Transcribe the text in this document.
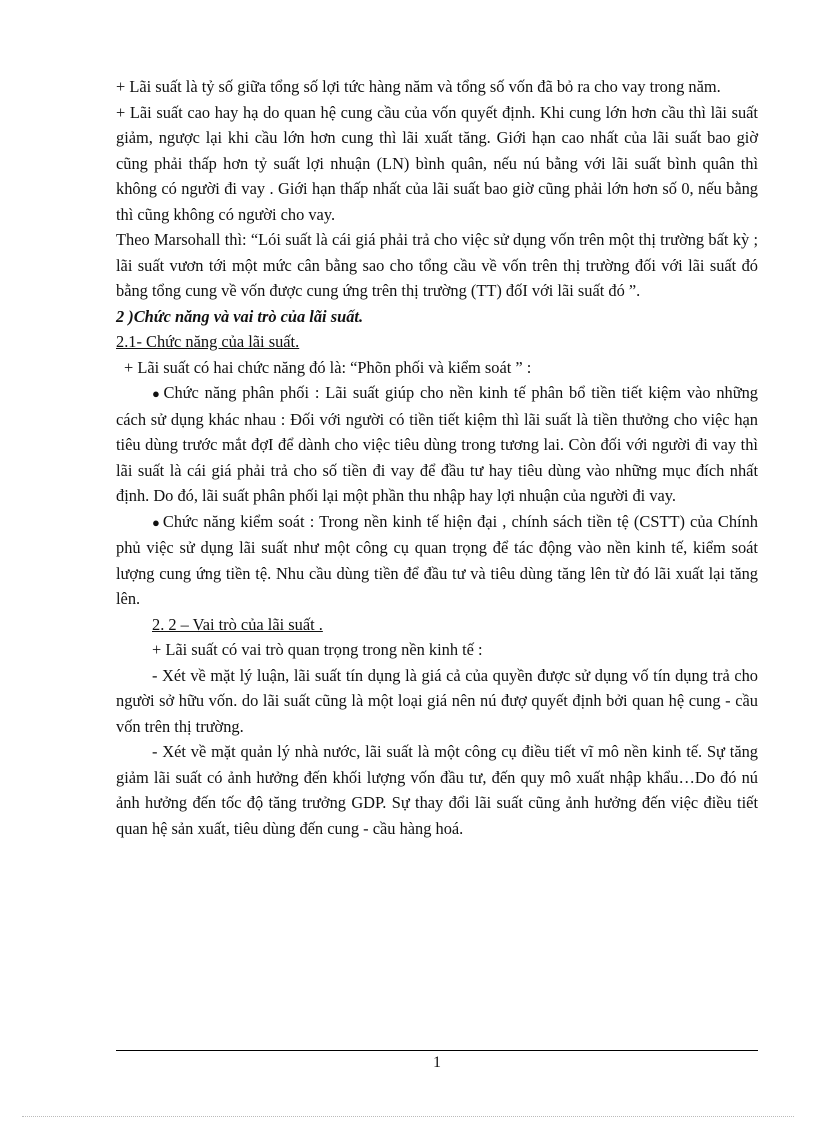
+ Lãi suất là tỷ số giữa tổng số lợi tức hàng năm và tổng số vốn đã bỏ ra cho vay trong năm.

+ Lãi suất cao hay hạ do quan hệ cung cầu của vốn quyết định. Khi cung lớn hơn cầu thì lãi suất giảm, ngược lại khi cầu lớn hơn cung thì lãi xuất tăng. Giới hạn cao nhất của lãi suất bao giờ cũng phải thấp hơn tỷ suất lợi nhuận (LN) bình quân, nếu nú bằng với lãi suất bình quân thì không có người đi vay . Giới hạn thấp nhất của lãi suất bao giờ cũng phải lớn hơn số 0, nếu bằng thì cũng không có người cho vay.

Theo Marsohall thì: “Lói suất là cái giá phải trả cho việc sử dụng vốn trên một thị trường bất kỳ ; lãi suất vươn tới một mức cân bằng sao cho tổng cầu về vốn trên thị trường đối với lãi suất đó bằng tổng cung về vốn được cung ứng trên thị trường (TT) đốI với lãi suất đó ”.

2 )Chức năng và vai trò của lãi suất.

2.1- Chức năng của lãi suất.

+ Lãi suất có hai chức năng đó là: “Phõn phối và kiểm soát ” :

● Chức năng phân phối : Lãi suất giúp cho nền kinh tế phân bổ tiền tiết kiệm vào những cách sử dụng khác nhau : Đối với người có tiền tiết kiệm thì lãi suất là tiền thưởng cho việc hạn tiêu dùng trước mắt đợI để dành cho việc tiêu dùng trong tương lai. Còn đối với người đi vay thì lãi suất là cái giá phải trả cho số tiền đi vay để đầu tư hay tiêu dùng vào những mục đích nhất định. Do đó, lãi suất phân phối lại một phần thu nhập hay lợi nhuận của người đi vay.

● Chức năng kiểm soát : Trong nền kinh tế hiện đại , chính sách tiền tệ (CSTT) của Chính phủ việc sử dụng lãi suất như một công cụ quan trọng để tác động vào nền kinh tế, kiểm soát lượng cung ứng tiền tệ. Nhu cầu dùng tiền để đầu tư và tiêu dùng tăng lên từ đó lãi xuất lại tăng lên.

2. 2 – Vai trò của lãi suất .

+ Lãi suất có vai trò quan trọng trong nền kinh tế :

- Xét về mặt lý luận, lãi suất tín dụng là giá cả của quyền được sử dụng vố tín dụng trả cho người sở hữu vốn. do lãi suất cũng là một loại giá nên nú đượ quyết định bởi quan hệ cung - cầu vốn trên thị trường.

- Xét về mặt quản lý nhà nước, lãi suất là một công cụ điều tiết vĩ mô nền kinh tế. Sự tăng giảm lãi suất có ảnh hưởng đến khối lượng vốn đầu tư, đến quy mô xuất nhập khẩu…Do đó nú ảnh hưởng đến tốc độ tăng trưởng GDP. Sự thay đổi lãi suất cũng ảnh hưởng đến việc điều tiết quan hệ sản xuất, tiêu dùng đến cung - cầu hàng hoá.

1
